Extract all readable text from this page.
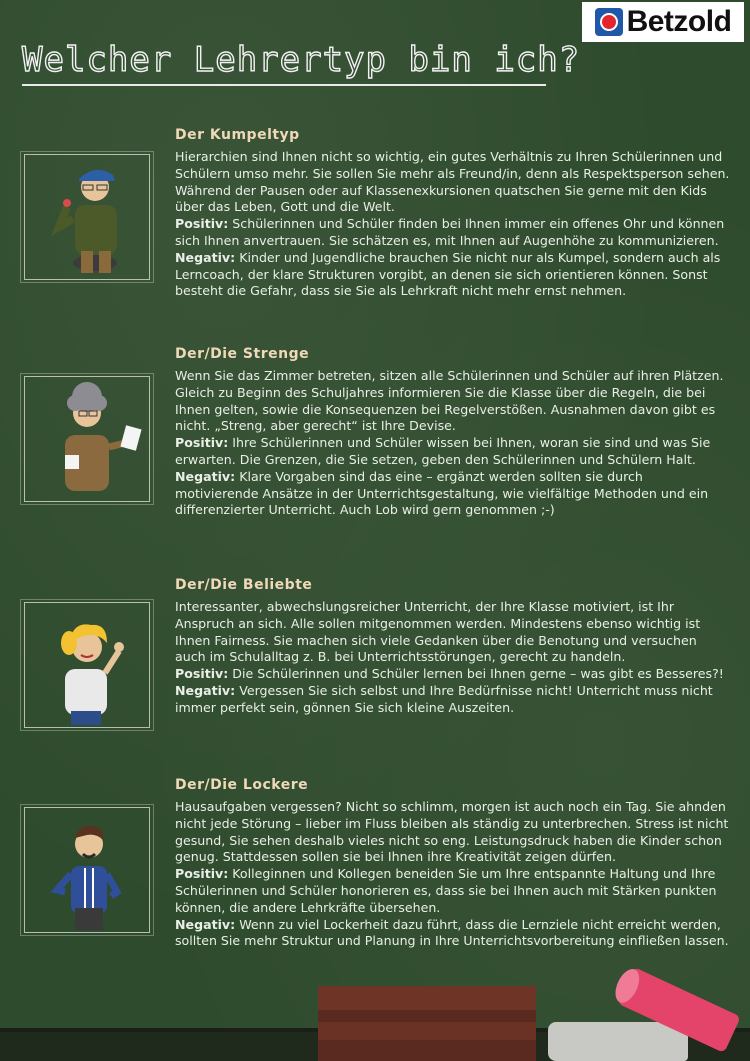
Betzold
Welcher Lehrertyp bin ich?
Der Kumpeltyp

Hierarchien sind Ihnen nicht so wichtig, ein gutes Verhältnis zu Ihren Schülerinnen und Schülern umso mehr. Sie sollen Sie mehr als Freund/in, denn als Respektsperson sehen. Während der Pausen oder auf Klassenexkursionen quatschen Sie gerne mit den Kids über das Leben, Gott und die Welt.
Positiv: Schülerinnen und Schüler finden bei Ihnen immer ein offenes Ohr und können sich Ihnen anvertrauen. Sie schätzen es, mit Ihnen auf Augenhöhe zu kommunizieren.
Negativ: Kinder und Jugendliche brauchen Sie nicht nur als Kumpel, sondern auch als Lerncoach, der klare Strukturen vorgibt, an denen sie sich orientieren können. Sonst besteht die Gefahr, dass sie Sie als Lehrkraft nicht mehr ernst nehmen.

Der/Die Strenge

Wenn Sie das Zimmer betreten, sitzen alle Schülerinnen und Schüler auf ihren Plätzen. Gleich zu Beginn des Schuljahres informieren Sie die Klasse über die Regeln, die bei Ihnen gelten, sowie die Konsequenzen bei Regelverstößen. Ausnahmen davon gibt es nicht. „Streng, aber gerecht“ ist Ihre Devise.
Positiv: Ihre Schülerinnen und Schüler wissen bei Ihnen, woran sie sind und was Sie erwarten. Die Grenzen, die Sie setzen, geben den Schülerinnen und Schülern Halt.
Negativ: Klare Vorgaben sind das eine – ergänzt werden sollten sie durch motivierende Ansätze in der Unterrichtsgestaltung, wie vielfältige Methoden und ein differenzierter Unterricht. Auch Lob wird gern genommen ;-)

Der/Die Beliebte

Interessanter, abwechslungsreicher Unterricht, der Ihre Klasse motiviert, ist Ihr Anspruch an sich. Alle sollen mitgenommen werden. Mindestens ebenso wichtig ist Ihnen Fairness. Sie machen sich viele Gedanken über die Benotung und versuchen auch im Schulalltag z. B. bei Unterrichtsstörungen, gerecht zu handeln.
Positiv: Die Schülerinnen und Schüler lernen bei Ihnen gerne – was gibt es Besseres?!
Negativ: Vergessen Sie sich selbst und Ihre Bedürfnisse nicht! Unterricht muss nicht immer perfekt sein, gönnen Sie sich kleine Auszeiten.

Der/Die Lockere

Hausaufgaben vergessen? Nicht so schlimm, morgen ist auch noch ein Tag. Sie ahnden nicht jede Störung – lieber im Fluss bleiben als ständig zu unterbrechen. Stress ist nicht gesund, Sie sehen deshalb vieles nicht so eng. Leistungsdruck haben die Kinder schon genug. Stattdessen sollen sie bei Ihnen ihre Kreativität zeigen dürfen.
Positiv: Kolleginnen und Kollegen beneiden Sie um Ihre entspannte Haltung und Ihre Schülerinnen und Schüler honorieren es, dass sie bei Ihnen auch mit Stärken punkten können, die andere Lehrkräfte übersehen.
Negativ: Wenn zu viel Lockerheit dazu führt, dass die Lernziele nicht erreicht werden, sollten Sie mehr Struktur und Planung in Ihre Unterrichtsvorbereitung einfließen lassen.
